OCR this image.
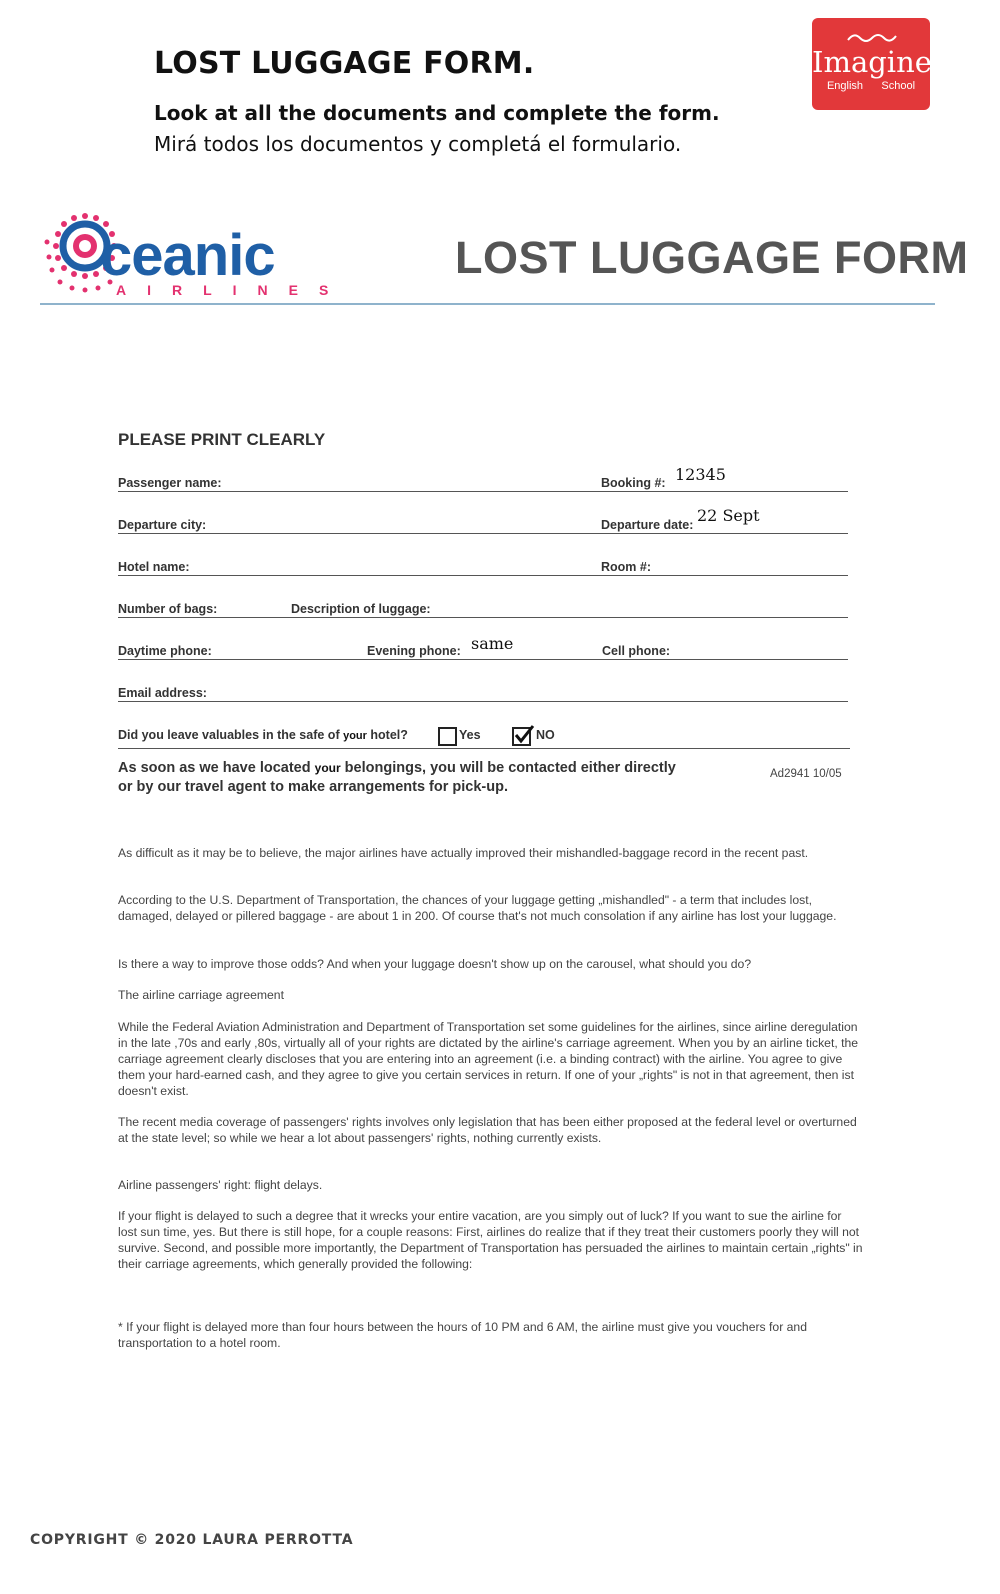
LOST LUGGAGE FORM.
Look at all the documents and complete the form.
Mirá todos los documentos y completá el formulario.
Imagine
English School
ceanic
AIRLINES
LOST LUGGAGE FORM
PLEASE PRINT CLEARLY
Passenger name:	Booking #: 12345
Departure city:	Departure date: 22 Sept
Hotel name:	Room #:
Number of bags:	Description of luggage:
Daytime phone:	Evening phone: same	Cell phone:
Email address:
Did you leave valuables in the safe of your hotel?	Yes	NO
As soon as we have located your belongings, you will be contacted either directly or by our travel agent to make arrangements for pick-up.
Ad2941 10/05
As difficult as it may be to believe, the major airlines have actually improved their mishandled-baggage record in the recent past.
According to the U.S. Department of Transportation, the chances of your luggage getting „mishandled" - a term that includes lost, damaged, delayed or pillered baggage - are about 1 in 200. Of course that's not much consolation if any airline has lost your luggage.
Is there a way to improve those odds? And when your luggage doesn't show up on the carousel, what should you do?
The airline carriage agreement
While the Federal Aviation Administration and Department of Transportation set some guidelines for the airlines, since airline deregulation in the late ,70s and early ,80s, virtually all of your rights are dictated by the airline's carriage agreement. When you by an airline ticket, the carriage agreement clearly discloses that you are entering into an agreement (i.e. a binding contract) with the airline. You agree to give them your hard-earned cash, and they agree to give you certain services in return. If one of your „rights" is not in that agreement, then ist doesn't exist.
The recent media coverage of passengers' rights involves only legislation that has been either proposed at the federal level or overturned at the state level; so while we hear a lot about passengers' rights, nothing currently exists.
Airline passengers' right: flight delays.
If your flight is delayed to such a degree that it wrecks your entire vacation, are you simply out of luck? If you want to sue the airline for lost sun time, yes. But there is still hope, for a couple reasons: First, airlines do realize that if they treat their customers poorly they will not survive. Second, and possible more importantly, the Department of Transportation has persuaded the airlines to maintain certain „rights" in their carriage agreements, which generally provided the following:
* If your flight is delayed more than four hours between the hours of 10 PM and 6 AM, the airline must give you vouchers for and transportation to a hotel room.
COPYRIGHT © 2020 LAURA PERROTTA
